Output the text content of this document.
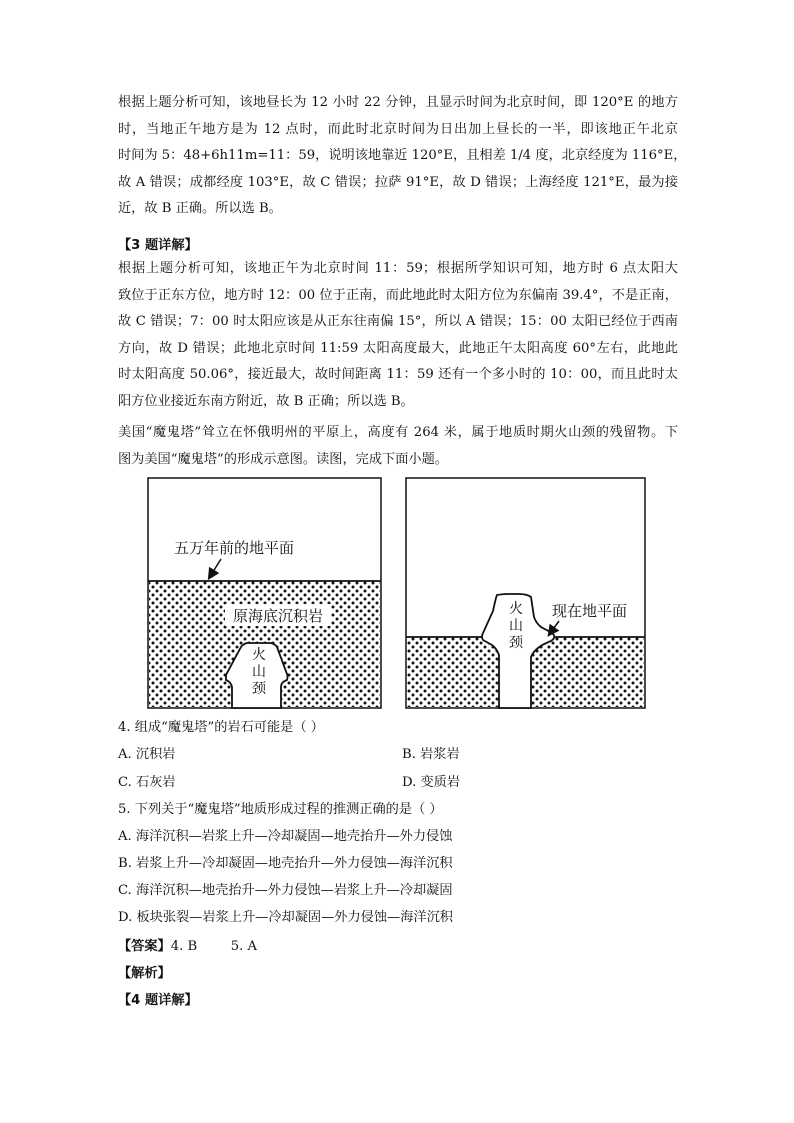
根据上题分析可知，该地昼长为 12 小时 22 分钟，且显示时间为北京时间，即 120°E 的地方
时，当地正午地方是为 12 点时，而此时北京时间为日出加上昼长的一半，即该地正午北京
时间为 5：48+6h11m=11：59，说明该地靠近 120°E，且相差 1/4 度，北京经度为 116°E，
故 A 错误；成都经度 103°E，故 C 错误；拉萨 91°E，故 D 错误；上海经度 121°E，最为接
近，故 B 正确。所以选 B。
【3 题详解】
根据上题分析可知，该地正午为北京时间 11：59；根据所学知识可知，地方时 6 点太阳大
致位于正东方位，地方时 12：00 位于正南，而此地此时太阳方位为东偏南 39.4°，不是正南，
故 C 错误；7：00 时太阳应该是从正东往南偏 15°，所以 A 错误；15：00 太阳已经位于西南
方向，故 D 错误；此地北京时间 11:59 太阳高度最大，此地正午太阳高度 60°左右，此地此
时太阳高度 50.06°，接近最大，故时间距离 11：59 还有一个多小时的 10：00，而且此时太
阳方位业接近东南方附近，故 B 正确；所以选 B。
美国“魔鬼塔”耸立在怀俄明州的平原上，高度有 264 米，属于地质时期火山颈的残留物。下
图为美国“魔鬼塔”的形成示意图。读图，完成下面小题。
原海底沉积岩
火
山
颈
五万年前的地平面
火
山
颈
现在地平面
4. 组成“魔鬼塔”的岩石可能是（ ）
A. 沉积岩	B. 岩浆岩
C. 石灰岩	D. 变质岩
5. 下列关于“魔鬼塔”地质形成过程的推测正确的是（ ）
A. 海洋沉积—岩浆上升—冷却凝固—地壳抬升—外力侵蚀
B. 岩浆上升—冷却凝固—地壳抬升—外力侵蚀—海洋沉积
C. 海洋沉积—地壳抬升—外力侵蚀—岩浆上升—冷却凝固
D. 板块张裂—岩浆上升—冷却凝固—外力侵蚀—海洋沉积
【答案】4. B        5. A
【解析】
【4 题详解】
